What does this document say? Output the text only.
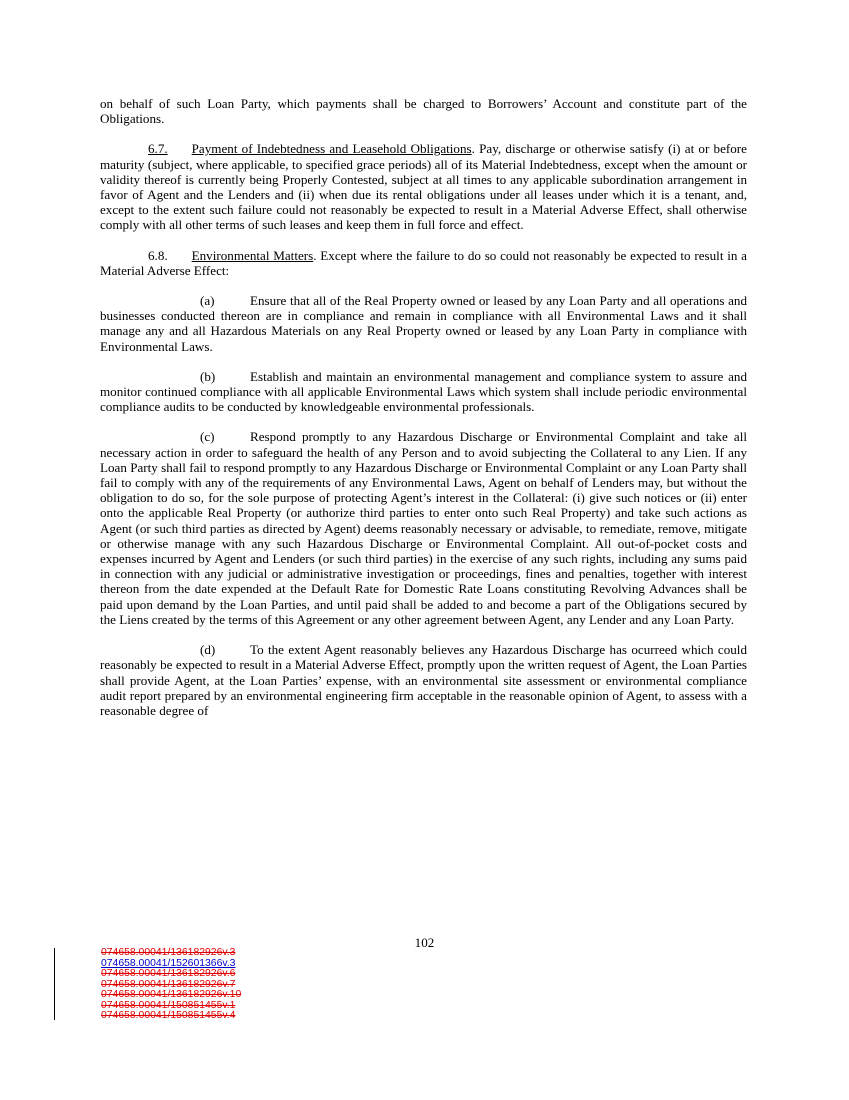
on behalf of such Loan Party, which payments shall be charged to Borrowers’ Account and constitute part of the Obligations.

6.7. Payment of Indebtedness and Leasehold Obligations. Pay, discharge or otherwise satisfy (i) at or before maturity (subject, where applicable, to specified grace periods) all of its Material Indebtedness, except when the amount or validity thereof is currently being Properly Contested, subject at all times to any applicable subordination arrangement in favor of Agent and the Lenders and (ii) when due its rental obligations under all leases under which it is a tenant, and, except to the extent such failure could not reasonably be expected to result in a Material Adverse Effect, shall otherwise comply with all other terms of such leases and keep them in full force and effect.

6.8. Environmental Matters. Except where the failure to do so could not reasonably be expected to result in a Material Adverse Effect:

(a)	Ensure that all of the Real Property owned or leased by any Loan Party and all operations and businesses conducted thereon are in compliance and remain in compliance with all Environmental Laws and it shall manage any and all Hazardous Materials on any Real Property owned or leased by any Loan Party in compliance with Environmental Laws.

(b)	Establish and maintain an environmental management and compliance system to assure and monitor continued compliance with all applicable Environmental Laws which system shall include periodic environmental compliance audits to be conducted by knowledgeable environmental professionals.

(c)	Respond promptly to any Hazardous Discharge or Environmental Complaint and take all necessary action in order to safeguard the health of any Person and to avoid subjecting the Collateral to any Lien. If any Loan Party shall fail to respond promptly to any Hazardous Discharge or Environmental Complaint or any Loan Party shall fail to comply with any of the requirements of any Environmental Laws, Agent on behalf of Lenders may, but without the obligation to do so, for the sole purpose of protecting Agent’s interest in the Collateral: (i) give such notices or (ii) enter onto the applicable Real Property (or authorize third parties to enter onto such Real Property) and take such actions as Agent (or such third parties as directed by Agent) deems reasonably necessary or advisable, to remediate, remove, mitigate or otherwise manage with any such Hazardous Discharge or Environmental Complaint. All out-of-pocket costs and expenses incurred by Agent and Lenders (or such third parties) in the exercise of any such rights, including any sums paid in connection with any judicial or administrative investigation or proceedings, fines and penalties, together with interest thereon from the date expended at the Default Rate for Domestic Rate Loans constituting Revolving Advances shall be paid upon demand by the Loan Parties, and until paid shall be added to and become a part of the Obligations secured by the Liens created by the terms of this Agreement or any other agreement between Agent, any Lender and any Loan Party.

(d)	To the extent Agent reasonably believes any Hazardous Discharge has ocurreed which could reasonably be expected to result in a Material Adverse Effect, promptly upon the written request of Agent, the Loan Parties shall provide Agent, at the Loan Parties’ expense, with an environmental site assessment or environmental compliance audit report prepared by an environmental engineering firm acceptable in the reasonable opinion of Agent, to assess with a reasonable degree of

102
074658.00041/136182926v.3
074658.00041/152601366v.3
074658.00041/136182926v.6
074658.00041/136182926v.7
074658.00041/136182926v.10
074658.00041/150851455v.1
074658.00041/150851455v.4
